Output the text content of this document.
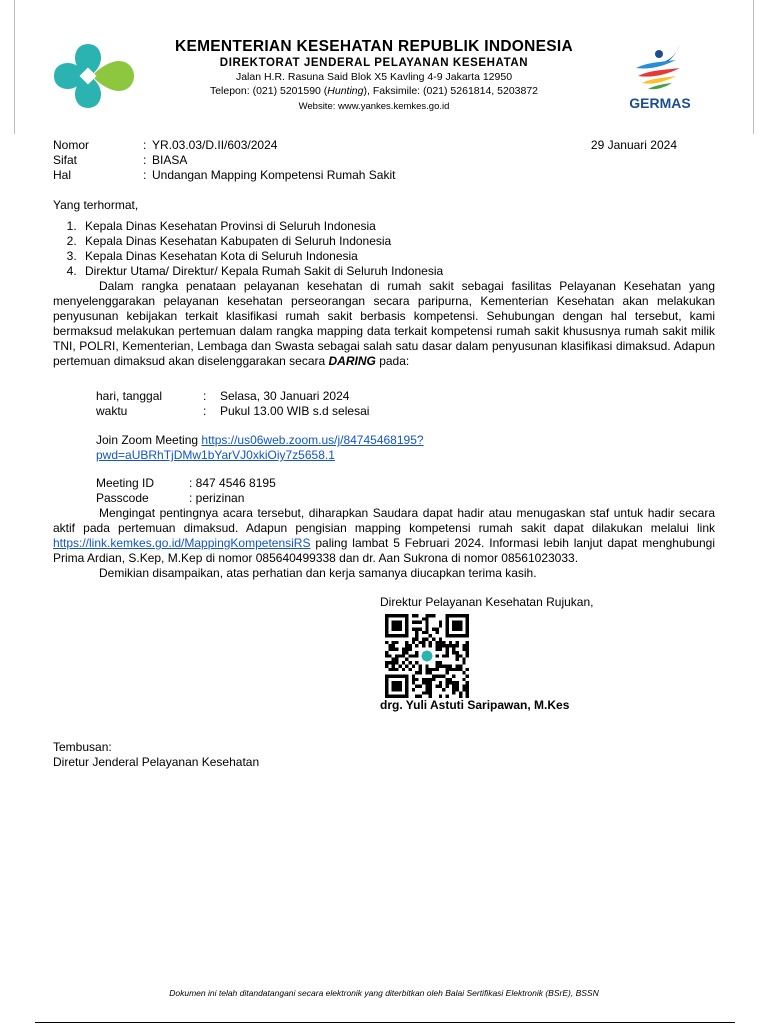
KEMENTERIAN KESEHATAN REPUBLIK INDONESIA
DIREKTORAT JENDERAL PELAYANAN KESEHATAN
Jalan H.R. Rasuna Said Blok X5 Kavling 4-9 Jakarta 12950
Telepon: (021) 5201590 (Hunting), Faksimile: (021) 5261814, 5203872
Website: www.yankes.kemkes.go.id	GERMAS
29 Januari 2024
Nomor	: YR.03.03/D.II/603/2024
Sifat	: BIASA
Hal	: Undangan Mapping Kompetensi Rumah Sakit
Yang terhormat,
1. Kepala Dinas Kesehatan Provinsi di Seluruh Indonesia
2. Kepala Dinas Kesehatan Kabupaten di Seluruh Indonesia
3. Kepala Dinas Kesehatan Kota di Seluruh Indonesia
4. Direktur Utama/ Direktur/ Kepala Rumah Sakit di Seluruh Indonesia

Dalam rangka penataan pelayanan kesehatan di rumah sakit sebagai fasilitas Pelayanan Kesehatan yang menyelenggarakan pelayanan kesehatan perseorangan secara paripurna, Kementerian Kesehatan akan melakukan penyusunan kebijakan terkait klasifikasi rumah sakit berbasis kompetensi. Sehubungan dengan hal tersebut, kami bermaksud melakukan pertemuan dalam rangka mapping data terkait kompetensi rumah sakit khususnya rumah sakit milik TNI, POLRI, Kementerian, Lembaga dan Swasta sebagai salah satu dasar dalam penyusunan klasifikasi dimaksud. Adapun pertemuan dimaksud akan diselenggarakan secara DARING pada:

hari, tanggal	: Selasa, 30 Januari 2024
waktu	: Pukul 13.00 WIB s.d selesai
Join Zoom Meeting https://us06web.zoom.us/j/84745468195?
pwd=aUBRhTjDMw1bYarVJ0xkiOiy7z5658.1
Meeting ID	: 847 4546 8195
Passcode	: perizinan

Mengingat pentingnya acara tersebut, diharapkan Saudara dapat hadir atau menugaskan staf untuk hadir secara aktif pada pertemuan dimaksud. Adapun pengisian mapping kompetensi rumah sakit dapat dilakukan melalui link https://link.kemkes.go.id/MappingKompetensiRS paling lambat 5 Februari 2024. Informasi lebih lanjut dapat menghubungi Prima Ardian, S.Kep, M.Kep di nomor 085640499338 dan dr. Aan Sukrona di nomor 08561023033.

Demikian disampaikan, atas perhatian dan kerja samanya diucapkan terima kasih.

Direktur Pelayanan Kesehatan Rujukan,
drg. Yuli Astuti Saripawan, M.Kes
Tembusan:
Diretur Jenderal Pelayanan Kesehatan
Dokumen ini telah ditandatangani secara elektronik yang diterbitkan oleh Balai Sertifikasi Elektronik (BSrE), BSSN
